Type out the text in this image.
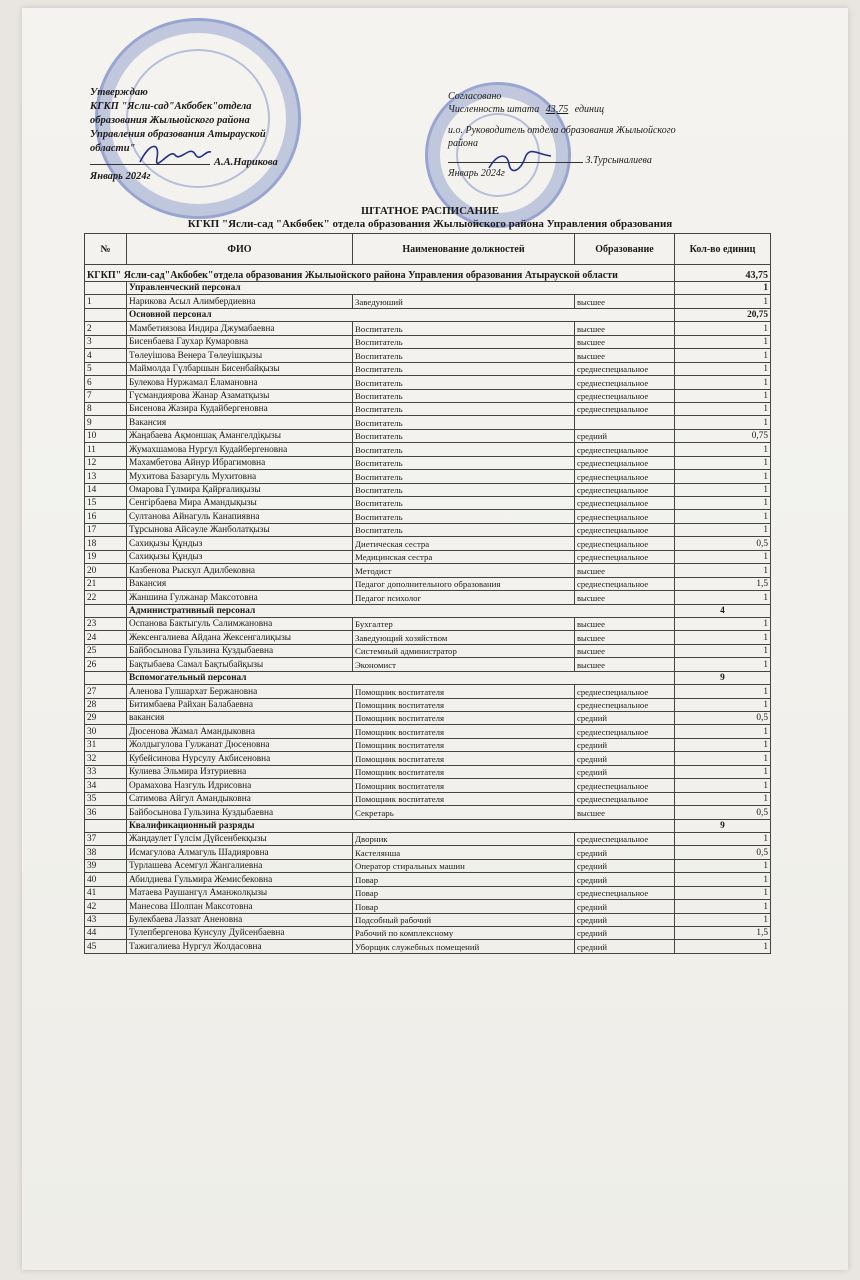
Утверждаю
КГКП "Ясли-сад"Акбобек"отдела
образования Жылыойского района
Управления образования Атырауской
области"
А.А.Нарикова
Январь 2024г
Согласовано
Численность штата 43,75 единиц
и.о. Руководитель отдела образования Жылыойского
района
З.Турсыналиева
Январь 2024г
ШТАТНОЕ РАСПИСАНИЕ
КГКП "Ясли-сад "Акбөбек" отдела образования Жылыойского района Управления образования
№	ФИО	Наименование должностей	Образование	Кол-во единиц
КГКП" Ясли-сад"Акбобек"отдела образования Жылыойского района Управления образования Атырауской области				43,75
	Управленческий персонал			1
1	Нарикова Асыл Алимбердиевна	Заведуюший	высшее	1
	Основной персонал			20,75
2	Мамбетиязова Индира Джумабаевна	Воспитатель	высшее	1
3	Бисенбаева Гаухар Кумаровна	Воспитатель	высшее	1
4	Төлеуішова Венера Төлеуішқызы	Воспитатель	высшее	1
5	Маймолда Гүлбаршын Бисенбайқызы	Воспитатель	среднеспециальное	1
6	Булекова Нуржамал Еламановна	Воспитатель	среднеспециальное	1
7	Гүсмандиярова Жанар Азаматқызы	Воспитатель	среднеспециальное	1
8	Бисенова Жазира Кудайбергеновна	Воспитатель	среднеспециальное	1
9	Вакансия	Воспитатель		1
10	Жаңабаева Ақмоншақ Амангелдіқызы	Воспитатель	средний	0,75
11	Жумахшамова Нургул Кудайбергеновна	Воспитатель	среднеспециальное	1
12	Махамбетова Айнур Ибрагимовна	Воспитатель	среднеспециальное	1
13	Мухитова Базаргуль Мухитовна	Воспитатель	среднеспециальное	1
14	Омарова Гүлмира Қайрғалиқызы	Воспитатель	среднеспециальное	1
15	Сенгірбаева Мира Амандықызы	Воспитатель	среднеспециальное	1
16	Султанова Айнагуль Канапиявна	Воспитатель	среднеспециальное	1
17	Тұрсынова Айсәуле Жанболатқызы	Воспитатель	среднеспециальное	1
18	Сахиқызы Құндыз	Диетическая сестра	среднеспециальное	0,5
19	Сахиқызы Құндыз	Медицинская сестра	среднеспециальное	1
20	Казбенова Рыскул Адилбековна	Методист	высшее	1
21	Вакансия	Педагог дополнительного образования	среднеспециальное	1,5
22	Жаншина Гулжанар Максотовна	Педагог психолог	высшее	1
	Административный персонал			4
23	Оспанова Бактыгуль Салимжановна	Бухгалтер	высшее	1
24	Жексенгалиева Айдана Жексенгалиқызы	Заведующий хозяйством	высшее	1
25	Байбосынова Гульзина Куздыбаевна	Системный администратор	высшее	1
26	Бақтыбаева Самал Бақтыбайқызы	Экономист	высшее	1
	Вспомогательный персонал			9
27	Аленова Гулшархат Бержановна	Помощник воспитателя	среднеспециальное	1
28	Битимбаева Райхан Балабаевна	Помощник воспитателя	среднеспециальное	1
29	вакансия	Помощник воспитателя	средний	0,5
30	Дюсенова Жамал Амандыковна	Помощник воспитателя	среднеспециальное	1
31	Жолдыгулова Гулжанат Дюсеновна	Помощник воспитателя	средний	1
32	Кубейсинова Нурсулу Акбисеновна	Помощник воспитателя	средний	1
33	Кулиева Эльмира Изтуриевна	Помощник воспитателя	средний	1
34	Орамахова Назгуль Идрисовна	Помощник воспитателя	среднеспециальное	1
35	Сатимова Айгул Амандыковна	Помощник воспитателя	среднеспециальное	1
36	Байбосынова Гульзина Куздыбаевна	Секретарь	высшее	0,5
	Квалификационный разряды			9
37	Жандаулет Гүлсім Дүйсенбекқызы	Дворник	среднеспециальное	1
38	Исмагулова Алмагуль Шадияровна	Кастелянша	средний	0,5
39	Турлашева Асемгул Жангалиевна	Оператор стиральных машин	средний	1
40	Абилдиева Гульмира Жемисбековна	Повар	средний	1
41	Матаева Раушангүл Аманжолқызы	Повар	среднеспециальное	1
42	Манесова Шолпан Максотовна	Повар	средний	1
43	Булекбаева Лаззат Аненовна	Подсобный рабочий	средний	1
44	Тулепбергенова Кунсулу Дуйсенбаевна	Рабочий по комплексному	средний	1,5
45	Тажигалиева Нургул Жолдасовна	Уборщик служебных помещений	средний	1
